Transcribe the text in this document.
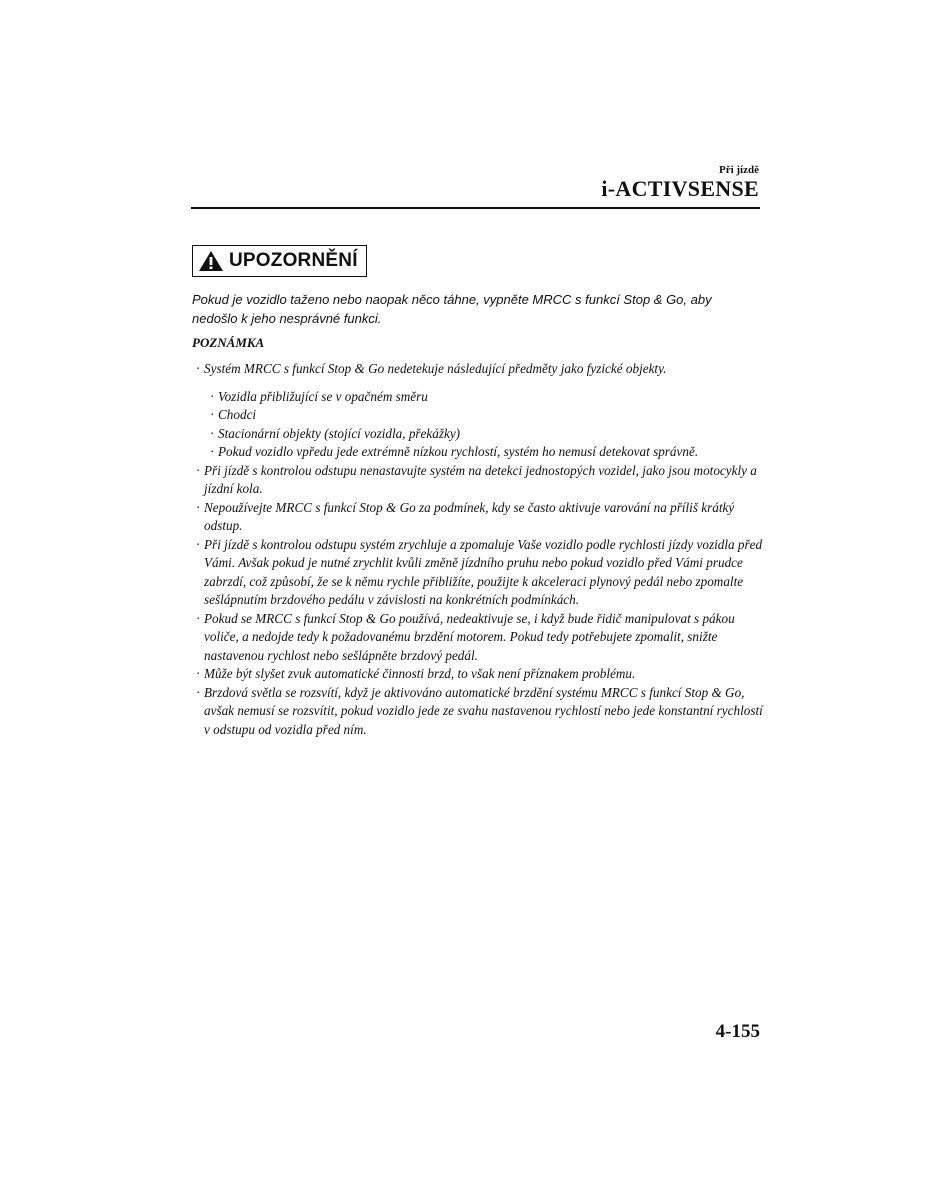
Při jízdě
i-ACTIVSENSE
UPOZORNĚNÍ

Pokud je vozidlo taženo nebo naopak něco táhne, vypněte MRCC s funkcí Stop & Go, aby nedošlo k jeho nesprávné funkci.

POZNÁMKA
· Systém MRCC s funkcí Stop & Go nedetekuje následující předměty jako fyzické objekty.
· Vozidla přibližující se v opačném směru
· Chodci
· Stacionární objekty (stojící vozidla, překážky)
· Pokud vozidlo vpředu jede extrémně nízkou rychlostí, systém ho nemusí detekovat správně.
· Při jízdě s kontrolou odstupu nenastavujte systém na detekci jednostopých vozidel, jako jsou motocykly a jízdní kola.
· Nepoužívejte MRCC s funkcí Stop & Go za podmínek, kdy se často aktivuje varování na příliš krátký odstup.
· Při jízdě s kontrolou odstupu systém zrychluje a zpomaluje Vaše vozidlo podle rychlosti jízdy vozidla před Vámi. Avšak pokud je nutné zrychlit kvůli změně jízdního pruhu nebo pokud vozidlo před Vámi prudce zabrzdí, což způsobí, že se k němu rychle přibližíte, použijte k akceleraci plynový pedál nebo zpomalte sešlápnutím brzdového pedálu v závislosti na konkrétních podmínkách.
· Pokud se MRCC s funkcí Stop & Go používá, nedeaktivuje se, i když bude řidič manipulovat s pákou voliče, a nedojde tedy k požadovanému brzdění motorem. Pokud tedy potřebujete zpomalit, snižte nastavenou rychlost nebo sešlápněte brzdový pedál.
· Může být slyšet zvuk automatické činnosti brzd, to však není příznakem problému.
· Brzdová světla se rozsvítí, když je aktivováno automatické brzdění systému MRCC s funkcí Stop & Go, avšak nemusí se rozsvítit, pokud vozidlo jede ze svahu nastavenou rychlostí nebo jede konstantní rychlostí v odstupu od vozidla před ním.
4-155
